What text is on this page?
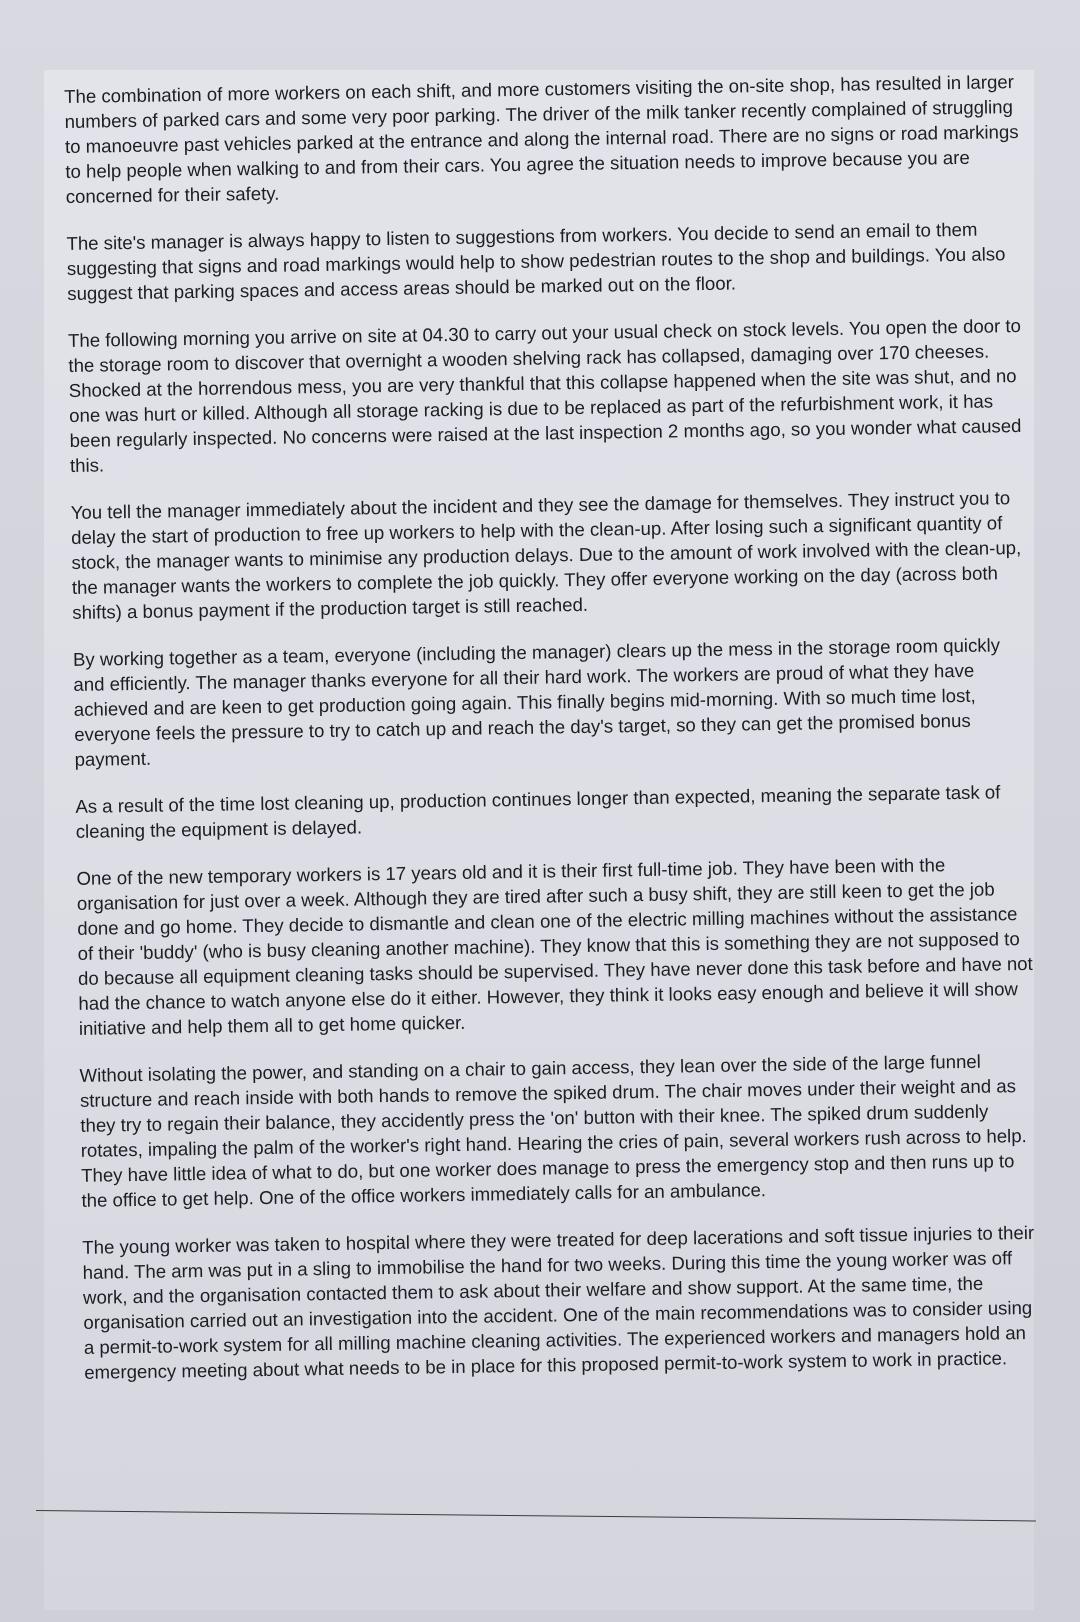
The combination of more workers on each shift, and more customers visiting the on-site shop, has resulted in larger numbers of parked cars and some very poor parking. The driver of the milk tanker recently complained of struggling to manoeuvre past vehicles parked at the entrance and along the internal road. There are no signs or road markings to help people when walking to and from their cars. You agree the situation needs to improve because you are concerned for their safety.

The site's manager is always happy to listen to suggestions from workers. You decide to send an email to them suggesting that signs and road markings would help to show pedestrian routes to the shop and buildings. You also suggest that parking spaces and access areas should be marked out on the floor.

The following morning you arrive on site at 04.30 to carry out your usual check on stock levels. You open the door to the storage room to discover that overnight a wooden shelving rack has collapsed, damaging over 170 cheeses. Shocked at the horrendous mess, you are very thankful that this collapse happened when the site was shut, and no one was hurt or killed. Although all storage racking is due to be replaced as part of the refurbishment work, it has been regularly inspected. No concerns were raised at the last inspection 2 months ago, so you wonder what caused this.

You tell the manager immediately about the incident and they see the damage for themselves. They instruct you to delay the start of production to free up workers to help with the clean-up. After losing such a significant quantity of stock, the manager wants to minimise any production delays. Due to the amount of work involved with the clean-up, the manager wants the workers to complete the job quickly. They offer everyone working on the day (across both shifts) a bonus payment if the production target is still reached.

By working together as a team, everyone (including the manager) clears up the mess in the storage room quickly and efficiently. The manager thanks everyone for all their hard work. The workers are proud of what they have achieved and are keen to get production going again. This finally begins mid-morning. With so much time lost, everyone feels the pressure to try to catch up and reach the day's target, so they can get the promised bonus payment.

As a result of the time lost cleaning up, production continues longer than expected, meaning the separate task of cleaning the equipment is delayed.

One of the new temporary workers is 17 years old and it is their first full-time job. They have been with the organisation for just over a week. Although they are tired after such a busy shift, they are still keen to get the job done and go home. They decide to dismantle and clean one of the electric milling machines without the assistance of their 'buddy' (who is busy cleaning another machine). They know that this is something they are not supposed to do because all equipment cleaning tasks should be supervised. They have never done this task before and have not had the chance to watch anyone else do it either. However, they think it looks easy enough and believe it will show initiative and help them all to get home quicker.

Without isolating the power, and standing on a chair to gain access, they lean over the side of the large funnel structure and reach inside with both hands to remove the spiked drum. The chair moves under their weight and as they try to regain their balance, they accidently press the 'on' button with their knee. The spiked drum suddenly rotates, impaling the palm of the worker's right hand. Hearing the cries of pain, several workers rush across to help. They have little idea of what to do, but one worker does manage to press the emergency stop and then runs up to the office to get help. One of the office workers immediately calls for an ambulance.

The young worker was taken to hospital where they were treated for deep lacerations and soft tissue injuries to their hand. The arm was put in a sling to immobilise the hand for two weeks. During this time the young worker was off work, and the organisation contacted them to ask about their welfare and show support. At the same time, the organisation carried out an investigation into the accident. One of the main recommendations was to consider using a permit-to-work system for all milling machine cleaning activities. The experienced workers and managers hold an emergency meeting about what needs to be in place for this proposed permit-to-work system to work in practice.
